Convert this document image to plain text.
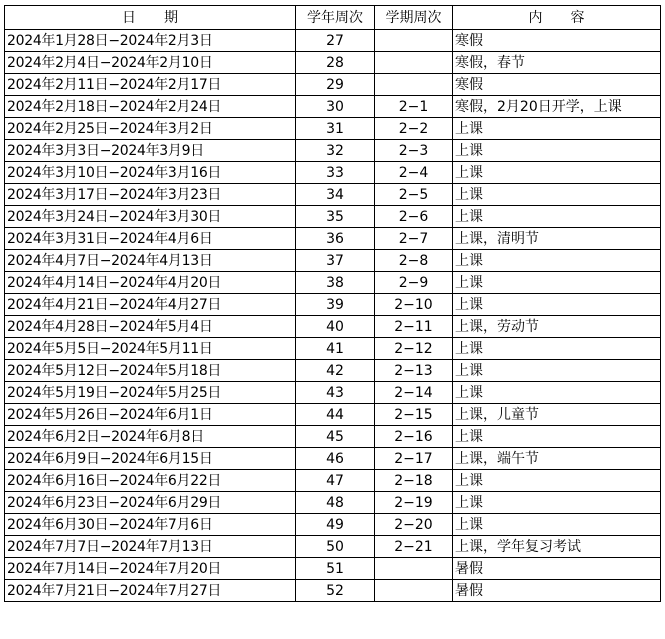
日　　期	学年周次	学期周次	内　　容
2024年1月28日−2024年2月3日	27		寒假
2024年2月4日−2024年2月10日	28		寒假，春节
2024年2月11日−2024年2月17日	29		寒假
2024年2月18日−2024年2月24日	30	2−1	寒假，2月20日开学，上课
2024年2月25日−2024年3月2日	31	2−2	上课
2024年3月3日−2024年3月9日	32	2−3	上课
2024年3月10日−2024年3月16日	33	2−4	上课
2024年3月17日−2024年3月23日	34	2−5	上课
2024年3月24日−2024年3月30日	35	2−6	上课
2024年3月31日−2024年4月6日	36	2−7	上课，清明节
2024年4月7日−2024年4月13日	37	2−8	上课
2024年4月14日−2024年4月20日	38	2−9	上课
2024年4月21日−2024年4月27日	39	2−10	上课
2024年4月28日−2024年5月4日	40	2−11	上课，劳动节
2024年5月5日−2024年5月11日	41	2−12	上课
2024年5月12日−2024年5月18日	42	2−13	上课
2024年5月19日−2024年5月25日	43	2−14	上课
2024年5月26日−2024年6月1日	44	2−15	上课，儿童节
2024年6月2日−2024年6月8日	45	2−16	上课
2024年6月9日−2024年6月15日	46	2−17	上课，端午节
2024年6月16日−2024年6月22日	47	2−18	上课
2024年6月23日−2024年6月29日	48	2−19	上课
2024年6月30日−2024年7月6日	49	2−20	上课
2024年7月7日−2024年7月13日	50	2−21	上课，学年复习考试
2024年7月14日−2024年7月20日	51		暑假
2024年7月21日−2024年7月27日	52		暑假
